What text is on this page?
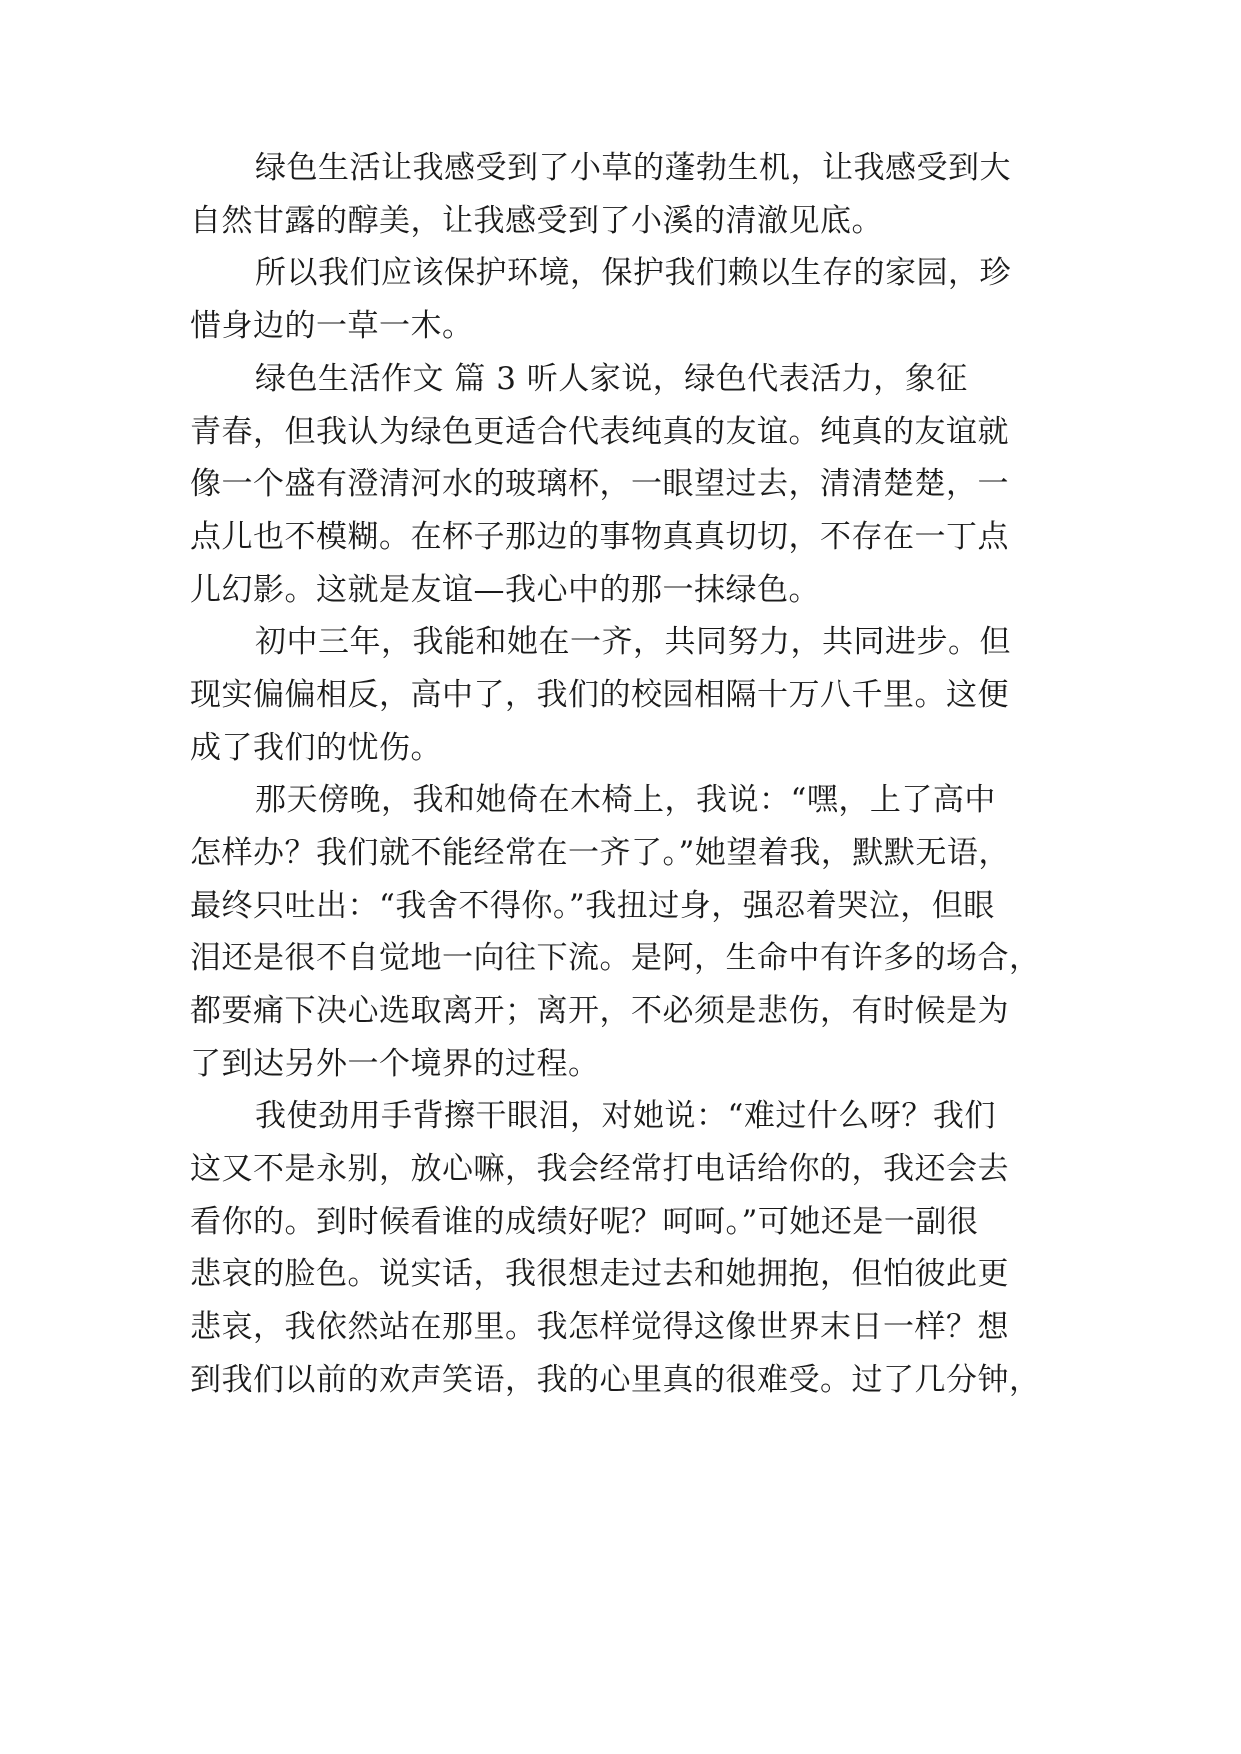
绿色生活让我感受到了小草的蓬勃生机，让我感受到大
自然甘露的醇美，让我感受到了小溪的清澈见底。
所以我们应该保护环境，保护我们赖以生存的家园，珍
惜身边的一草一木。
绿色生活作文 篇 3 听人家说，绿色代表活力，象征
青春，但我认为绿色更适合代表纯真的友谊。纯真的友谊就
像一个盛有澄清河水的玻璃杯，一眼望过去，清清楚楚，一
点儿也不模糊。在杯子那边的事物真真切切，不存在一丁点
儿幻影。这就是友谊—我心中的那一抹绿色。
初中三年，我能和她在一齐，共同努力，共同进步。但
现实偏偏相反，高中了，我们的校园相隔十万八千里。这便
成了我们的忧伤。
那天傍晚，我和她倚在木椅上，我说：“嘿，上了高中
怎样办？我们就不能经常在一齐了。”她望着我，默默无语，
最终只吐出：“我舍不得你。”我扭过身，强忍着哭泣，但眼
泪还是很不自觉地一向往下流。是阿，生命中有许多的场合，
都要痛下决心选取离开；离开，不必须是悲伤，有时候是为
了到达另外一个境界的过程。
我使劲用手背擦干眼泪，对她说：“难过什么呀？我们
这又不是永别，放心嘛，我会经常打电话给你的，我还会去
看你的。到时候看谁的成绩好呢？呵呵。”可她还是一副很
悲哀的脸色。说实话，我很想走过去和她拥抱，但怕彼此更
悲哀，我依然站在那里。我怎样觉得这像世界末日一样？想
到我们以前的欢声笑语，我的心里真的很难受。过了几分钟，
